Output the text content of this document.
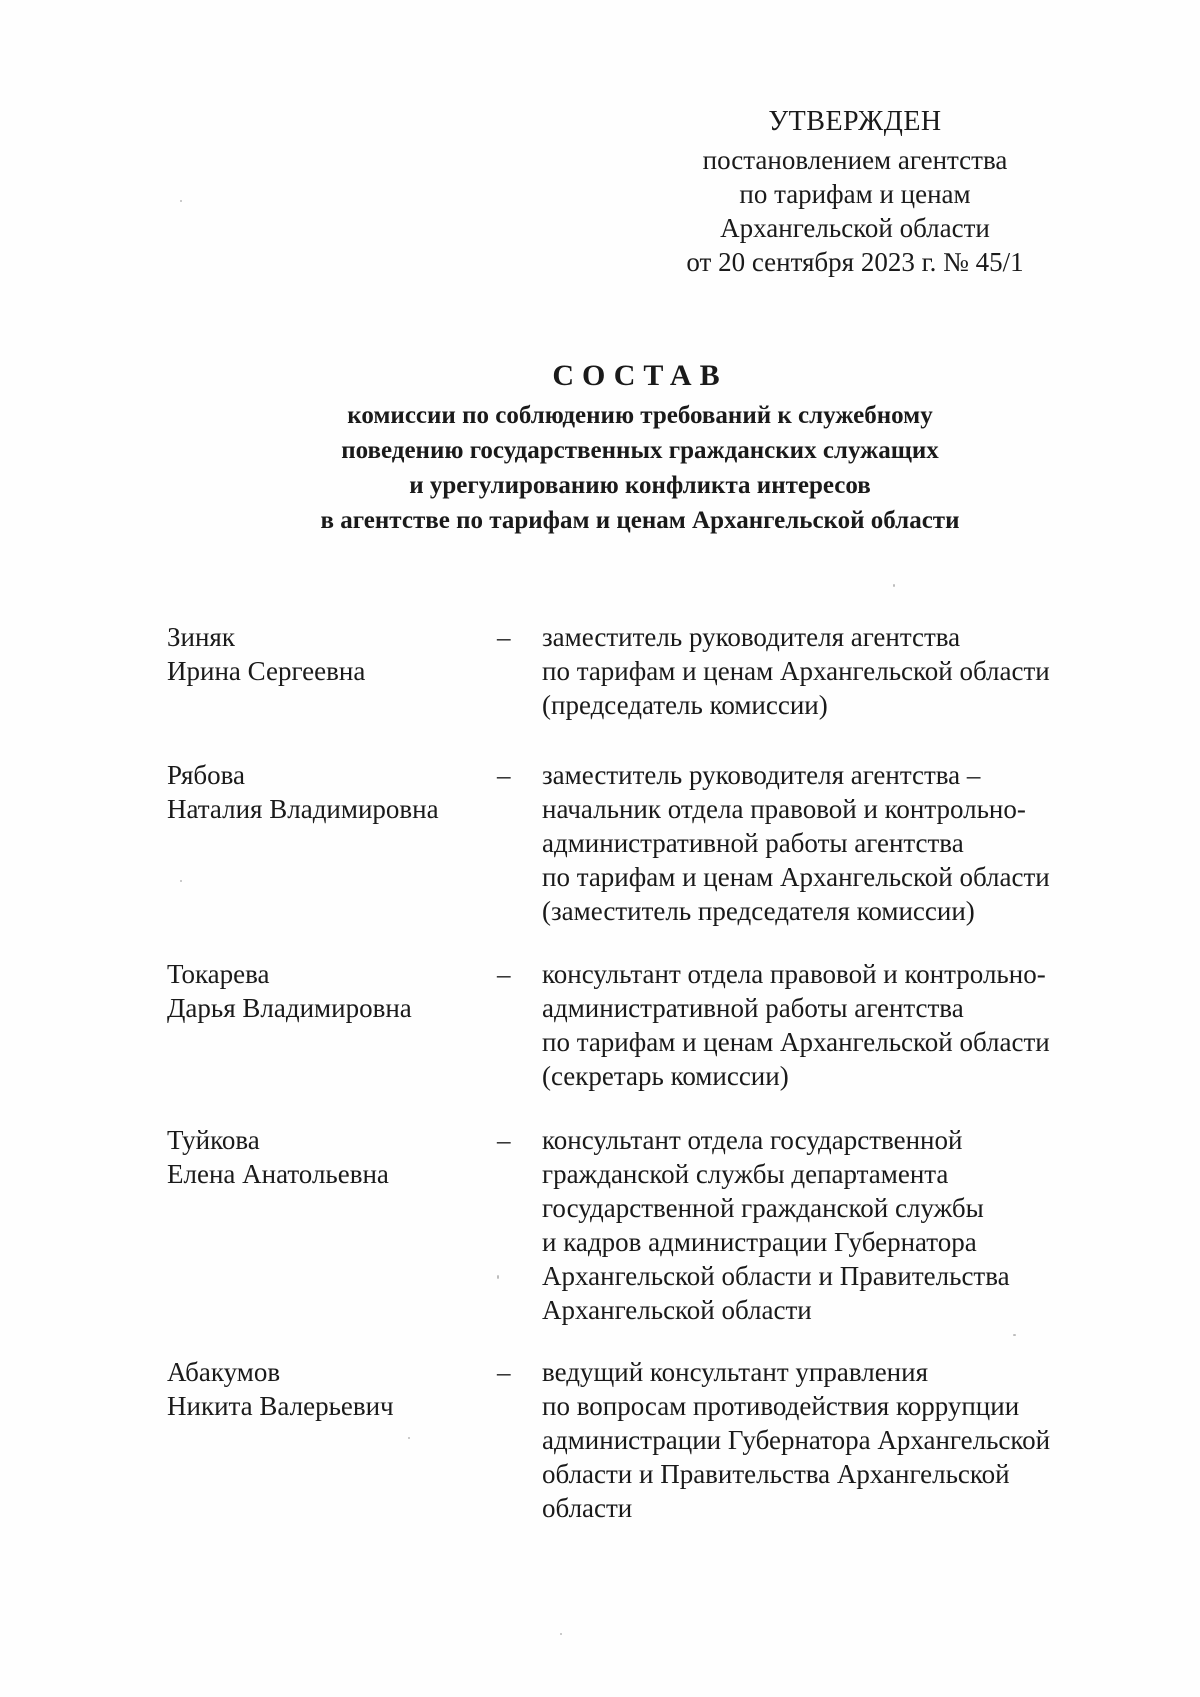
УТВЕРЖДЕН
постановлением агентства
по тарифам и ценам
Архангельской области
от 20 сентября 2023 г. № 45/1
СОСТАВ
комиссии по соблюдению требований к служебному
поведению государственных гражданских служащих
и урегулированию конфликта интересов
в агентстве по тарифам и ценам Архангельской области
Зиняк
Ирина Сергеевна
–	заместитель руководителя агентства
по тарифам и ценам Архангельской области
(председатель комиссии)
Рябова
Наталия Владимировна
–	заместитель руководителя агентства –
начальник отдела правовой и контрольно-
административной работы агентства
по тарифам и ценам Архангельской области
(заместитель председателя комиссии)
Токарева
Дарья Владимировна
–	консультант отдела правовой и контрольно-
административной работы агентства
по тарифам и ценам Архангельской области
(секретарь комиссии)
Туйкова
Елена Анатольевна
–	консультант отдела государственной
гражданской службы департамента
государственной гражданской службы
и кадров администрации Губернатора
Архангельской области и Правительства
Архангельской области
Абакумов
Никита Валерьевич
–	ведущий консультант управления
по вопросам противодействия коррупции
администрации Губернатора Архангельской
области и Правительства Архангельской
области
